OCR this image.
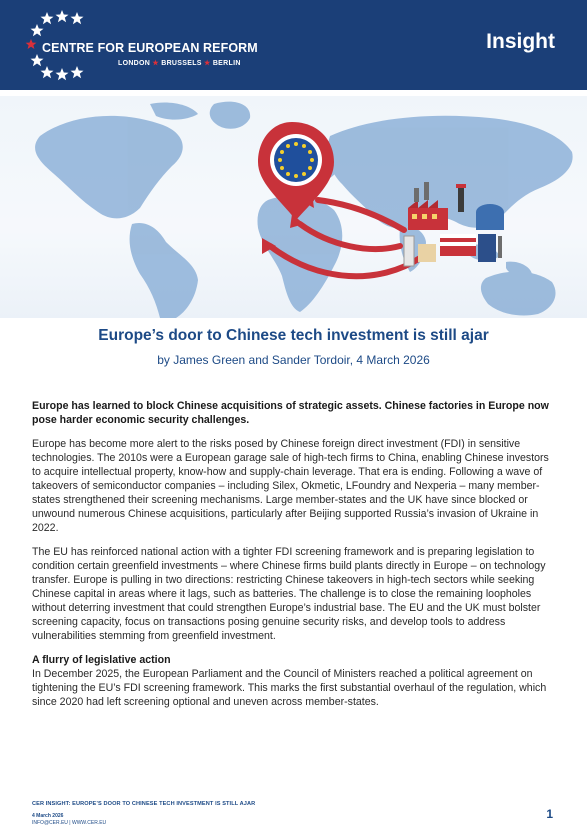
CENTRE FOR EUROPEAN REFORM
LONDON ★ BRUSSELS ★ BERLIN
Insight
Europe’s door to Chinese tech investment is still ajar
by James Green and Sander Tordoir, 4 March 2026

Europe has learned to block Chinese acquisitions of strategic assets. Chinese factories in Europe now pose harder economic security challenges.

Europe has become more alert to the risks posed by Chinese foreign direct investment (FDI) in sensitive technologies. The 2010s were a European garage sale of high-tech firms to China, enabling Chinese investors to acquire intellectual property, know-how and supply-chain leverage. That era is ending. Following a wave of takeovers of semiconductor companies – including Silex, Okmetic, LFoundry and Nexperia – many member-states strengthened their screening mechanisms. Large member-states and the UK have since blocked or unwound numerous Chinese acquisitions, particularly after Beijing supported Russia’s invasion of Ukraine in 2022.

The EU has reinforced national action with a tighter FDI screening framework and is preparing legislation to condition certain greenfield investments – where Chinese firms build plants directly in Europe – on technology transfer. Europe is pulling in two directions: restricting Chinese takeovers in high-tech sectors while seeking Chinese capital in areas where it lags, such as batteries. The challenge is to close the remaining loopholes without deterring investment that could strengthen Europe’s industrial base. The EU and the UK must bolster screening capacity, focus on transactions posing genuine security risks, and develop tools to address vulnerabilities stemming from greenfield investment.

A flurry of legislative action

In December 2025, the European Parliament and the Council of Ministers reached a political agreement on tightening the EU’s FDI screening framework. This marks the first substantial overhaul of the regulation, which since 2020 had left screening optional and uneven across member-states.

CER INSIGHT: EUROPE’S DOOR TO CHINESE TECH INVESTMENT IS STILL AJAR
4 March 2026
INFO@CER.EU | WWW.CER.EU
1
